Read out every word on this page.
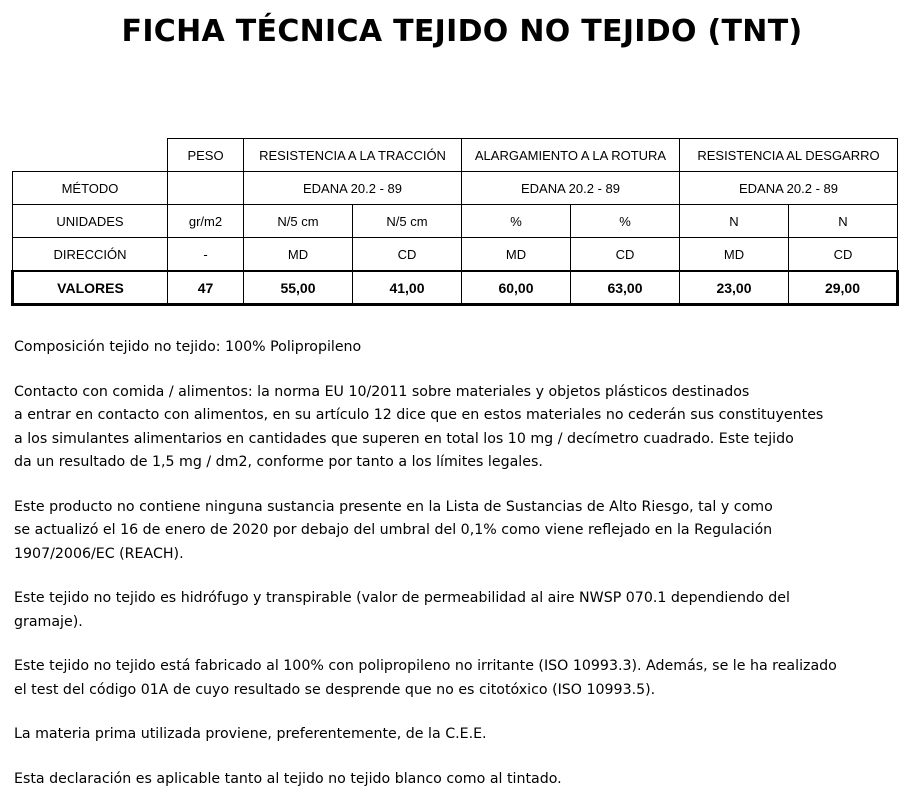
FICHA TÉCNICA TEJIDO NO TEJIDO (TNT)
	PESO	RESISTENCIA A LA TRACCIÓN		ALARGAMIENTO A LA ROTURA		RESISTENCIA AL DESGARRO	
MÉTODO		EDANA 20.2 - 89		EDANA 20.2 - 89		EDANA 20.2 - 89	
UNIDADES	gr/m2	N/5 cm	N/5 cm	%	%	N	N
DIRECCIÓN	-	MD	CD	MD	CD	MD	CD
VALORES	47	55,00	41,00	60,00	63,00	23,00	29,00

Composición tejido no tejido: 100% Polipropileno

Contacto con comida / alimentos: la norma EU 10/2011 sobre materiales y objetos plásticos destinados
a entrar en contacto con alimentos, en su artículo 12 dice que en estos materiales no cederán sus constituyentes
a los simulantes alimentarios en cantidades que superen en total los 10 mg / decímetro cuadrado. Este tejido
da un resultado de 1,5 mg / dm2, conforme por tanto a los límites legales.

Este producto no contiene ninguna sustancia presente en la Lista de Sustancias de Alto Riesgo, tal y como
se actualizó el 16 de enero de 2020 por debajo del umbral del 0,1% como viene reflejado en la Regulación
1907/2006/EC (REACH).

Este tejido no tejido es hidrófugo y transpirable (valor de permeabilidad al aire NWSP 070.1 dependiendo del
gramaje).

Este tejido no tejido está fabricado al 100% con polipropileno no irritante (ISO 10993.3). Además, se le ha realizado
el test del código 01A de cuyo resultado se desprende que no es citotóxico (ISO 10993.5).

La materia prima utilizada proviene, preferentemente, de la C.E.E.

Esta declaración es aplicable tanto al tejido no tejido blanco como al tintado.
